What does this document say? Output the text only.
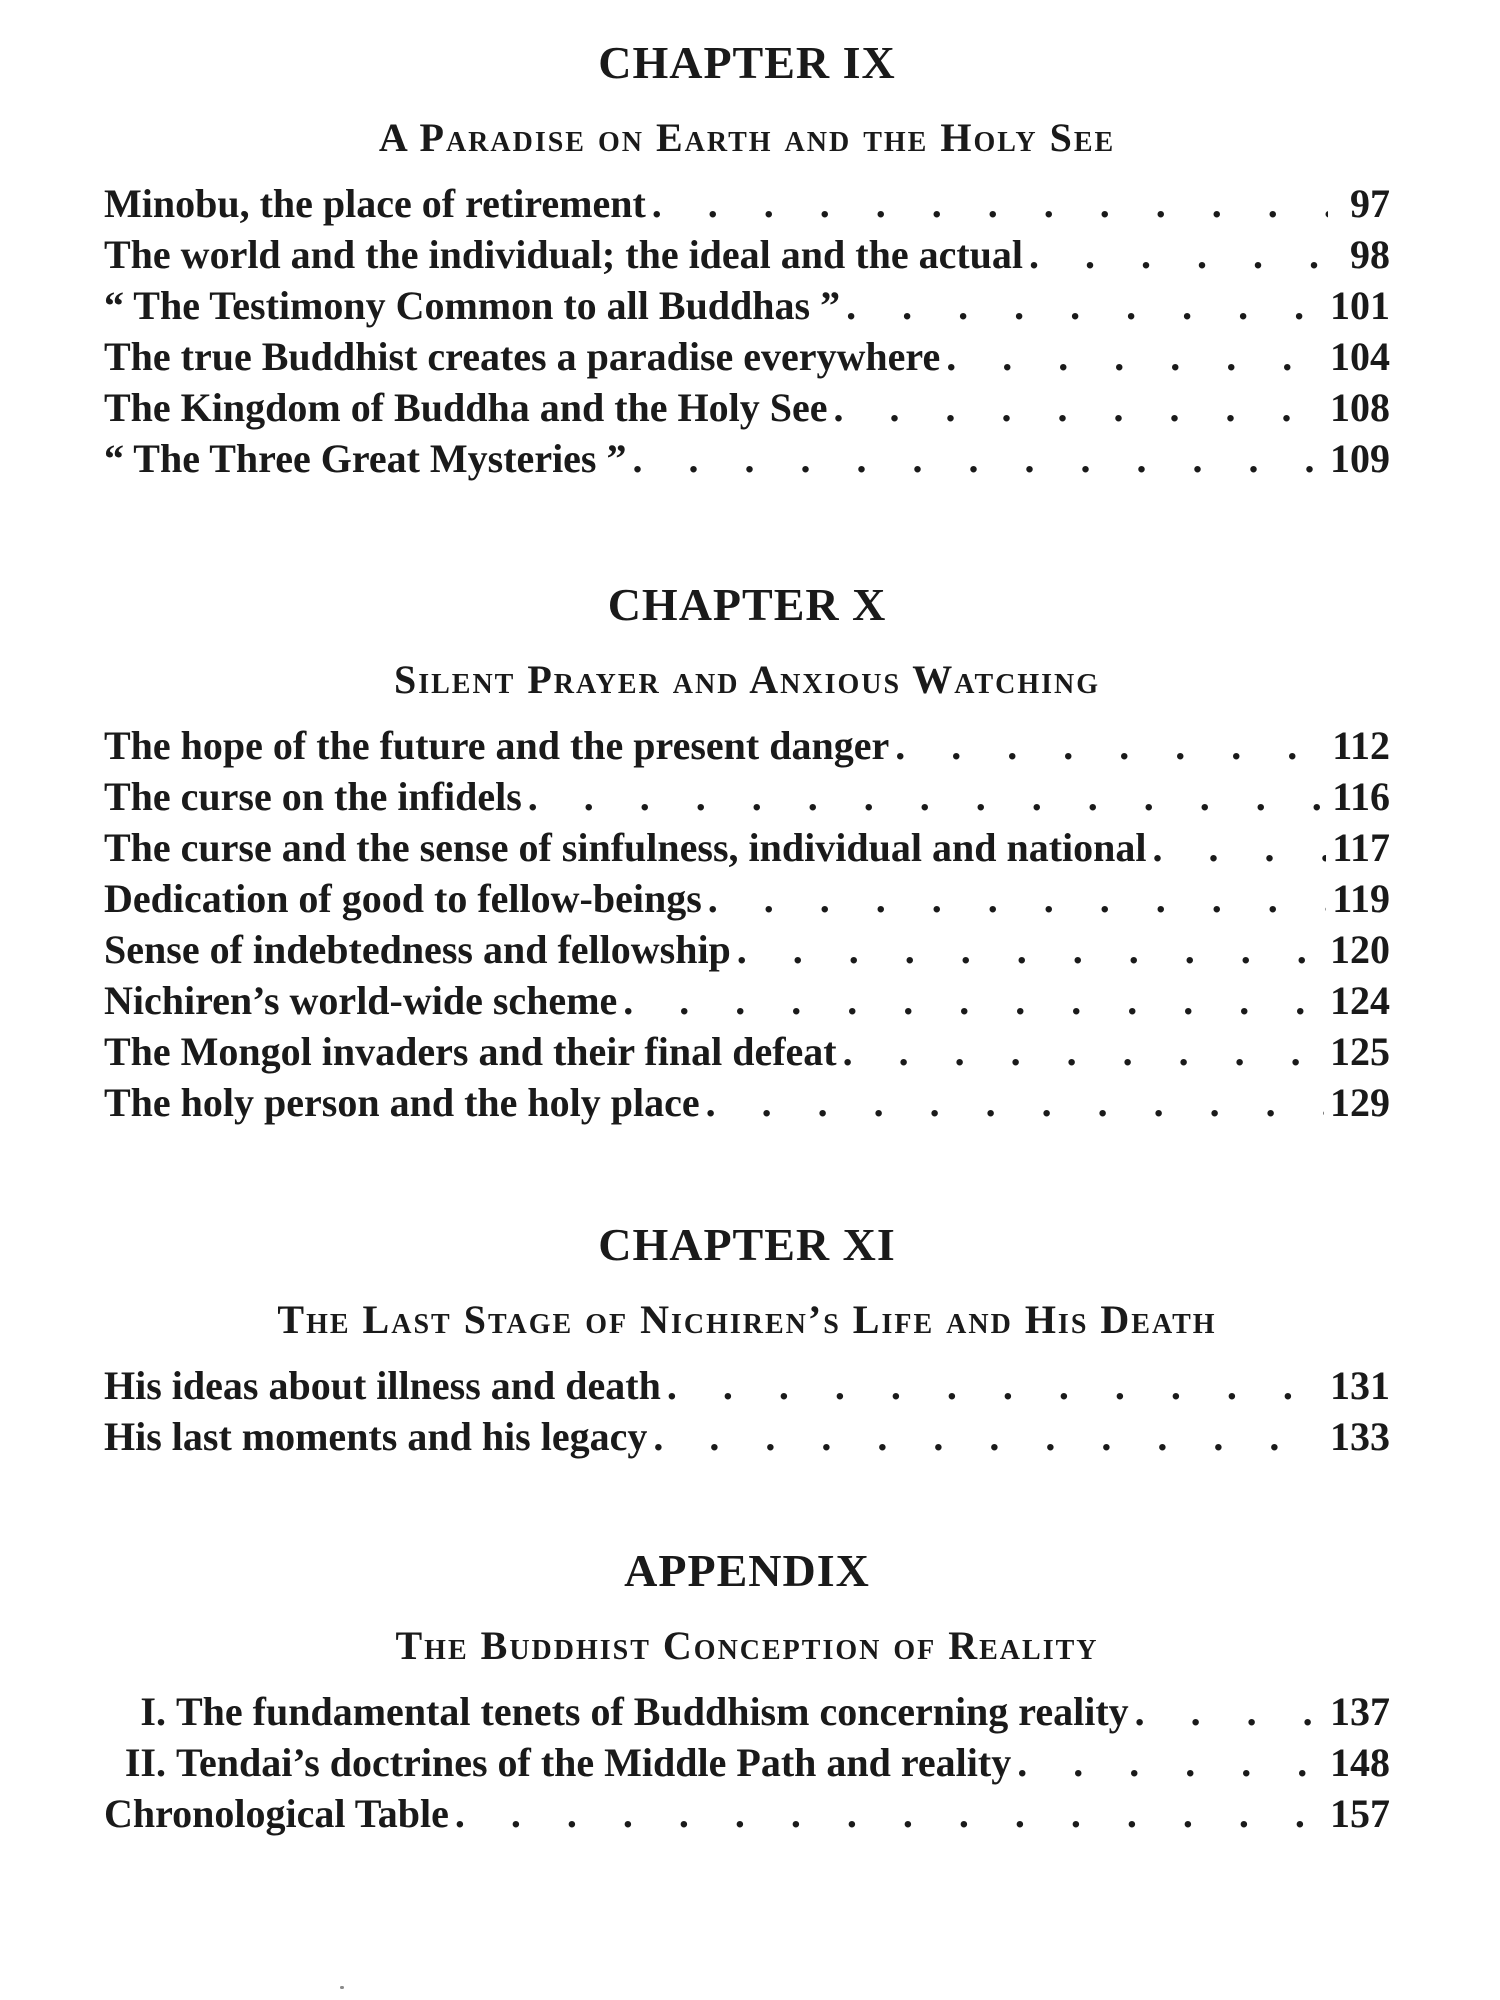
CHAPTER IX
A Paradise on Earth and the Holy See
Minobu, the place of retirement . . .	97
The world and the individual; the ideal and the actual . . .	98
“ The Testimony Common to all Buddhas ” . . .	101
The true Buddhist creates a paradise everywhere . . .	104
The Kingdom of Buddha and the Holy See . . .	108
“ The Three Great Mysteries ” . . .	109
CHAPTER X
Silent Prayer and Anxious Watching
The hope of the future and the present danger . . .	112
The curse on the infidels . . .	116
The curse and the sense of sinfulness, individual and national . . .	117
Dedication of good to fellow-beings . . .	119
Sense of indebtedness and fellowship . . .	120
Nichiren’s world-wide scheme . . .	124
The Mongol invaders and their final defeat . . .	125
The holy person and the holy place . . .	129
CHAPTER XI
The Last Stage of Nichiren’s Life and His Death
His ideas about illness and death . . .	131
His last moments and his legacy . . .	133
APPENDIX
The Buddhist Conception of Reality
I. The fundamental tenets of Buddhism concerning reality . . .	137
II. Tendai’s doctrines of the Middle Path and reality . . .	148
Chronological Table . . .	157
